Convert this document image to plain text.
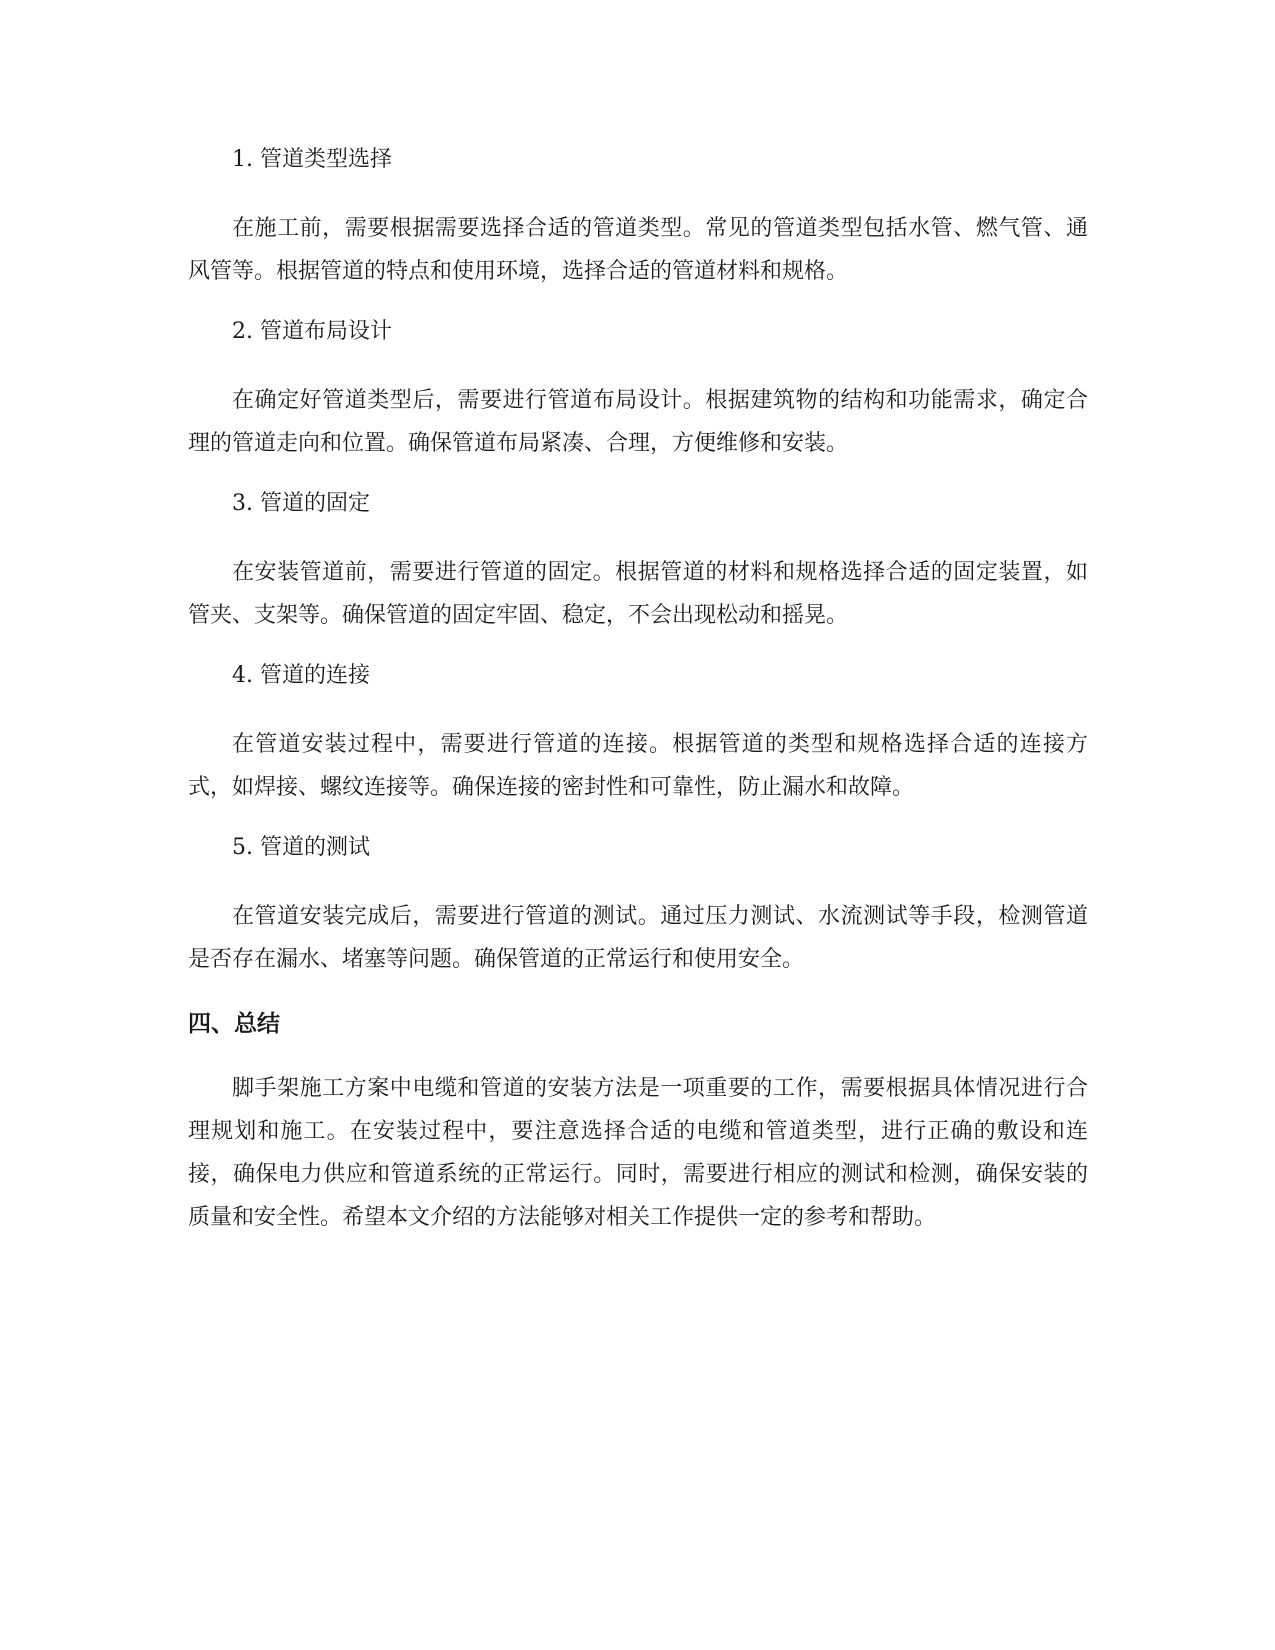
1. 管道类型选择

在施工前，需要根据需要选择合适的管道类型。常见的管道类型包括水管、燃气管、通风管等。根据管道的特点和使用环境，选择合适的管道材料和规格。

2. 管道布局设计

在确定好管道类型后，需要进行管道布局设计。根据建筑物的结构和功能需求，确定合理的管道走向和位置。确保管道布局紧凑、合理，方便维修和安装。

3. 管道的固定

在安装管道前，需要进行管道的固定。根据管道的材料和规格选择合适的固定装置，如管夹、支架等。确保管道的固定牢固、稳定，不会出现松动和摇晃。

4. 管道的连接

在管道安装过程中，需要进行管道的连接。根据管道的类型和规格选择合适的连接方式，如焊接、螺纹连接等。确保连接的密封性和可靠性，防止漏水和故障。

5. 管道的测试

在管道安装完成后，需要进行管道的测试。通过压力测试、水流测试等手段，检测管道是否存在漏水、堵塞等问题。确保管道的正常运行和使用安全。

四、总结

脚手架施工方案中电缆和管道的安装方法是一项重要的工作，需要根据具体情况进行合理规划和施工。在安装过程中，要注意选择合适的电缆和管道类型，进行正确的敷设和连接，确保电力供应和管道系统的正常运行。同时，需要进行相应的测试和检测，确保安装的质量和安全性。希望本文介绍的方法能够对相关工作提供一定的参考和帮助。
